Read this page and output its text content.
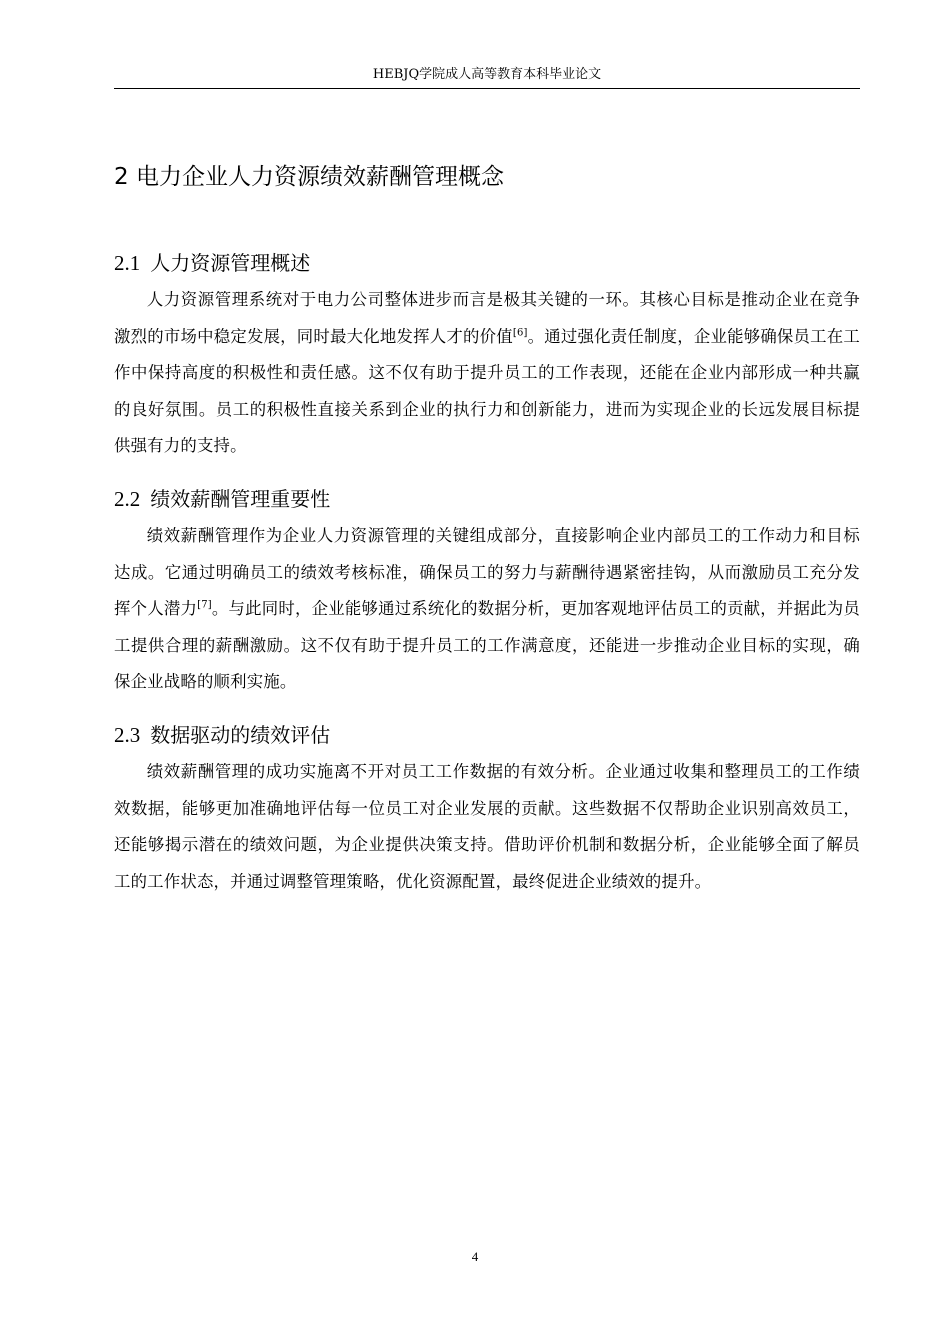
HEBJQ学院成人高等教育本科毕业论文
2 电力企业人力资源绩效薪酬管理概念
2.1 人力资源管理概述

人力资源管理系统对于电力公司整体进步而言是极其关键的一环。其核心目标是推动企业在竞争激烈的市场中稳定发展，同时最大化地发挥人才的价值[6]。通过强化责任制度，企业能够确保员工在工作中保持高度的积极性和责任感。这不仅有助于提升员工的工作表现，还能在企业内部形成一种共赢的良好氛围。员工的积极性直接关系到企业的执行力和创新能力，进而为实现企业的长远发展目标提供强有力的支持。

2.2 绩效薪酬管理重要性

绩效薪酬管理作为企业人力资源管理的关键组成部分，直接影响企业内部员工的工作动力和目标达成。它通过明确员工的绩效考核标准，确保员工的努力与薪酬待遇紧密挂钩，从而激励员工充分发挥个人潜力[7]。与此同时，企业能够通过系统化的数据分析，更加客观地评估员工的贡献，并据此为员工提供合理的薪酬激励。这不仅有助于提升员工的工作满意度，还能进一步推动企业目标的实现，确保企业战略的顺利实施。

2.3 数据驱动的绩效评估

绩效薪酬管理的成功实施离不开对员工工作数据的有效分析。企业通过收集和整理员工的工作绩效数据，能够更加准确地评估每一位员工对企业发展的贡献。这些数据不仅帮助企业识别高效员工，还能够揭示潜在的绩效问题，为企业提供决策支持。借助评价机制和数据分析，企业能够全面了解员工的工作状态，并通过调整管理策略，优化资源配置，最终促进企业绩效的提升。

4
